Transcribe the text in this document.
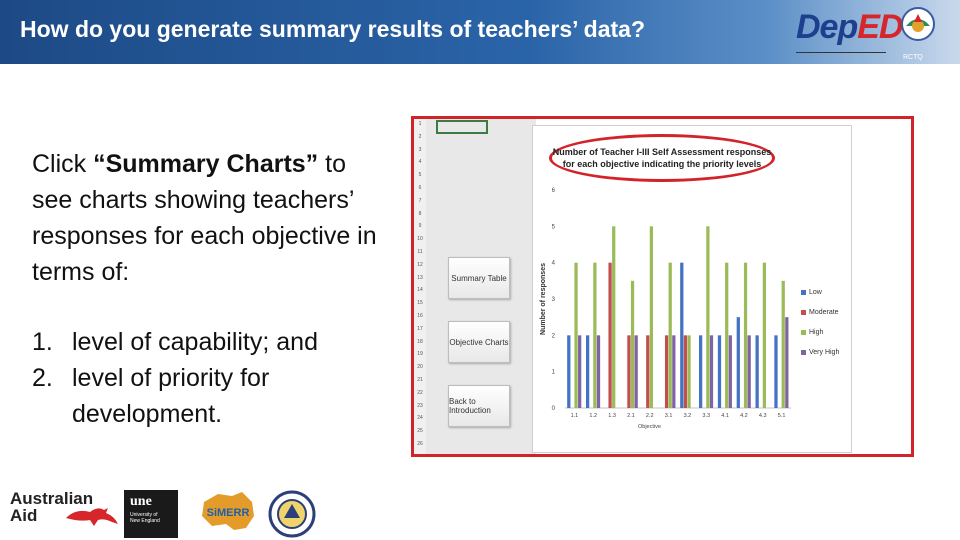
How do you generate summary results of teachers’ data?	DepED
RCTQ
Click “Summary Charts” to see charts showing teachers’ responses for each objective in terms of:
1. level of capability; and
2. level of priority for development.
1
2
3
4
5
6
7
8
9
10
11
12
13
14
15
16
17
18
19
20
21
22
23
24
25
26
Summary Table
Objective Charts
Back to Introduction
Number of Teacher I-III Self Assessment responses for each objective indicating the priority levels
0
1
2
3
4
5
6
Number of responses
1.1 1.2 1.3 2.1 2.2 3.1 3.2 3.3 4.1 4.2 4.3 5.1
Objective
Low
Moderate
High
Very High
Australian
Aid
une
University of
New England
SiMERR
